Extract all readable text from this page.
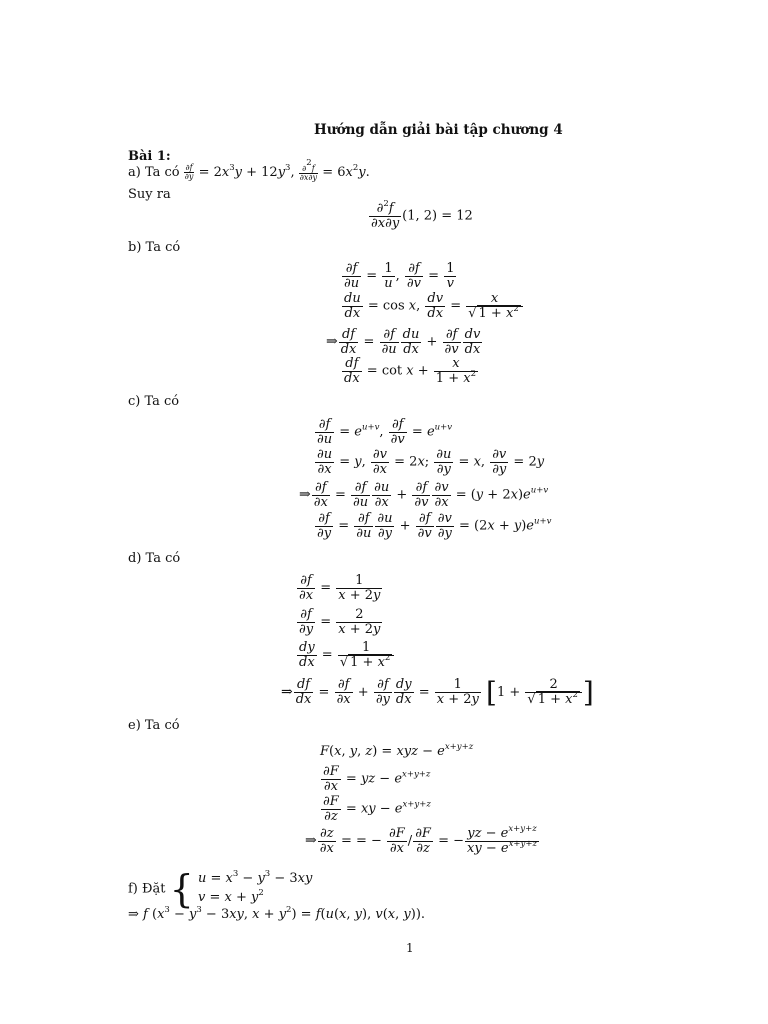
Hướng dẫn giải bài tập chương 4
Bài 1:
a) Ta có $\frac{\partial f}{\partial y} = 2x^3y + 12y^3$, $\frac{\partial^2f}{\partial x\partial y} = 6x^2y$.
Suy ra
$\frac{\partial^2f}{\partial x\partial y} (1$, 2) = 12
b) Ta có
$\frac{\partial f}{\partial u} = \frac{1}{u}$ , $\frac{\partial f}{\partial v} = \frac{1}{v}$
$\frac{du}{dx} = \cos x$, $\frac{dv}{dx} = \frac{x}{√ 1 + x^2}$
⇒ $\frac{df}{dx} = \frac{\partial f}{\partial u} \frac{du}{dx} + \frac{\partial f}{\partial v} \frac{dv}{dx}$
$\frac{df}{dx} = \cot x + \frac{x}{1 + x^2}$
c) Ta có
$\frac{\partial f}{\partial u} = e^{u+v}$, $\frac{\partial f}{\partial v} = e^{u+v}$
$\frac{\partial u}{\partial x} = y$, $\frac{\partial v}{\partial x} = 2x$; $\frac{\partial u}{\partial y} = x$, $\frac{\partial v}{\partial y} = 2y$
⇒ $\frac{\partial f}{\partial x} = \frac{\partial f}{\partial u} \frac{\partial u}{\partial x} + \frac{\partial f}{\partial v} \frac{\partial v}{\partial x} = (y + 2x)e^{u+v}$
$\frac{\partial f}{\partial y} = \frac{\partial f}{\partial u} \frac{\partial u}{\partial y} + \frac{\partial f}{\partial v} \frac{\partial v}{\partial y} = (2x + y)e^{u+v}$
d) Ta có
$\frac{\partial f}{\partial x} = \frac{1}{x + 2y}$
$\frac{\partial f}{\partial y} = \frac{2}{x + 2y}$
$\frac{dy}{dx} = \frac{1}{√ 1 + x^2}$
⇒ $\frac{df}{dx} = \frac{\partial f}{\partial x} + \frac{\partial f}{\partial y} \frac{dy}{dx} = \frac{1}{x + 2y} [1 + \frac{2}{√ 1 + x^2}$ ]
e) Ta có
F(x, y, z) = xyz − $e^{x+y+z}$
$\frac{\partial F}{\partial x}$ = yz − $e^{x+y+z}$
$\frac{\partial F}{\partial z}$ = xy − $e^{x+y+z}$
⇒ $\frac{\partial z}{\partial x}$ = = − $\frac{\partial F}{\partial x} / \frac{\partial F}{\partial z}$ = − $\frac{yz - e^{x+y+z}}{xy - e^{x+y+z}}$
f) Đặt { $u = x^3 - y^3 - 3xy$
$v = x + y^2$
⇒ f ($x^3 - y^3 - 3xy$, $x + y^2) = f(u(x$, y), v(x, y)).
1
